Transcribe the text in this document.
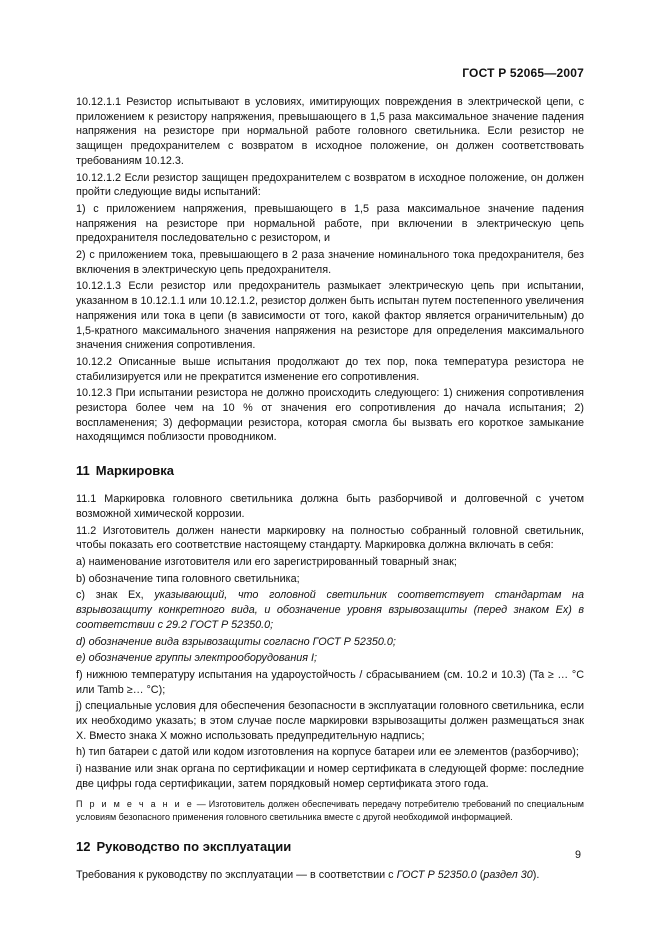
ГОСТ Р 52065—2007

10.12.1.1 Резистор испытывают в условиях, имитирующих повреждения в электрической цепи, с приложением к резистору напряжения, превышающего в 1,5 раза максимальное значение падения напряжения на резисторе при нормальной работе головного светильника. Если резистор не защищен предохранителем с возвратом в исходное положение, он должен соответствовать требованиям 10.12.3.

10.12.1.2 Если резистор защищен предохранителем с возвратом в исходное положение, он должен пройти следующие виды испытаний:

1) с приложением напряжения, превышающего в 1,5 раза максимальное значение падения напряжения на резисторе при нормальной работе, при включении в электрическую цепь предохранителя последовательно с резистором, и

2) с приложением тока, превышающего в 2 раза значение номинального тока предохранителя, без включения в электрическую цепь предохранителя.

10.12.1.3 Если резистор или предохранитель размыкает электрическую цепь при испытании, указанном в 10.12.1.1 или 10.12.1.2, резистор должен быть испытан путем постепенного увеличения напряжения или тока в цепи (в зависимости от того, какой фактор является ограничительным) до 1,5-кратного максимального значения напряжения на резисторе для определения максимального значения снижения сопротивления.

10.12.2 Описанные выше испытания продолжают до тех пор, пока температура резистора не стабилизируется или не прекратится изменение его сопротивления.

10.12.3 При испытании резистора не должно происходить следующего: 1) снижения сопротивления резистора более чем на 10 % от значения его сопротивления до начала испытания; 2) воспламенения; 3) деформации резистора, которая смогла бы вызвать его короткое замыкание находящимся поблизости проводником.

11 Маркировка

11.1 Маркировка головного светильника должна быть разборчивой и долговечной с учетом возможной химической коррозии.

11.2 Изготовитель должен нанести маркировку на полностью собранный головной светильник, чтобы показать его соответствие настоящему стандарту. Маркировка должна включать в себя:

a) наименование изготовителя или его зарегистрированный товарный знак;

b) обозначение типа головного светильника;

c) знак Ex, указывающий, что головной светильник соответствует стандартам на взрывозащиту конкретного вида, и обозначение уровня взрывозащиты (перед знаком Ex) в соответствии с 29.2 ГОСТ Р 52350.0;

d) обозначение вида взрывозащиты согласно ГОСТ Р 52350.0;

e) обозначение группы электрооборудования I;

f) нижнюю температуру испытания на удароустойчость / сбрасыванием (см. 10.2 и 10.3) (Ta ≥ … °C или Tamb ≥… °C);

j) специальные условия для обеспечения безопасности в эксплуатации головного светильника, если их необходимо указать; в этом случае после маркировки взрывозащиты должен размещаться знак X. Вместо знака X можно использовать предупредительную надпись;

h) тип батареи с датой или кодом изготовления на корпусе батареи или ее элементов (разборчиво);

i) название или знак органа по сертификации и номер сертификата в следующей форме: последние две цифры года сертификации, затем порядковый номер сертификата этого года.

П р и м е ч а н и е — Изготовитель должен обеспечивать передачу потребителю требований по специальным условиям безопасного применения головного светильника вместе с другой необходимой информацией.

12 Руководство по эксплуатации

Требования к руководству по эксплуатации — в соответствии с ГОСТ Р 52350.0 (раздел 30).

9
